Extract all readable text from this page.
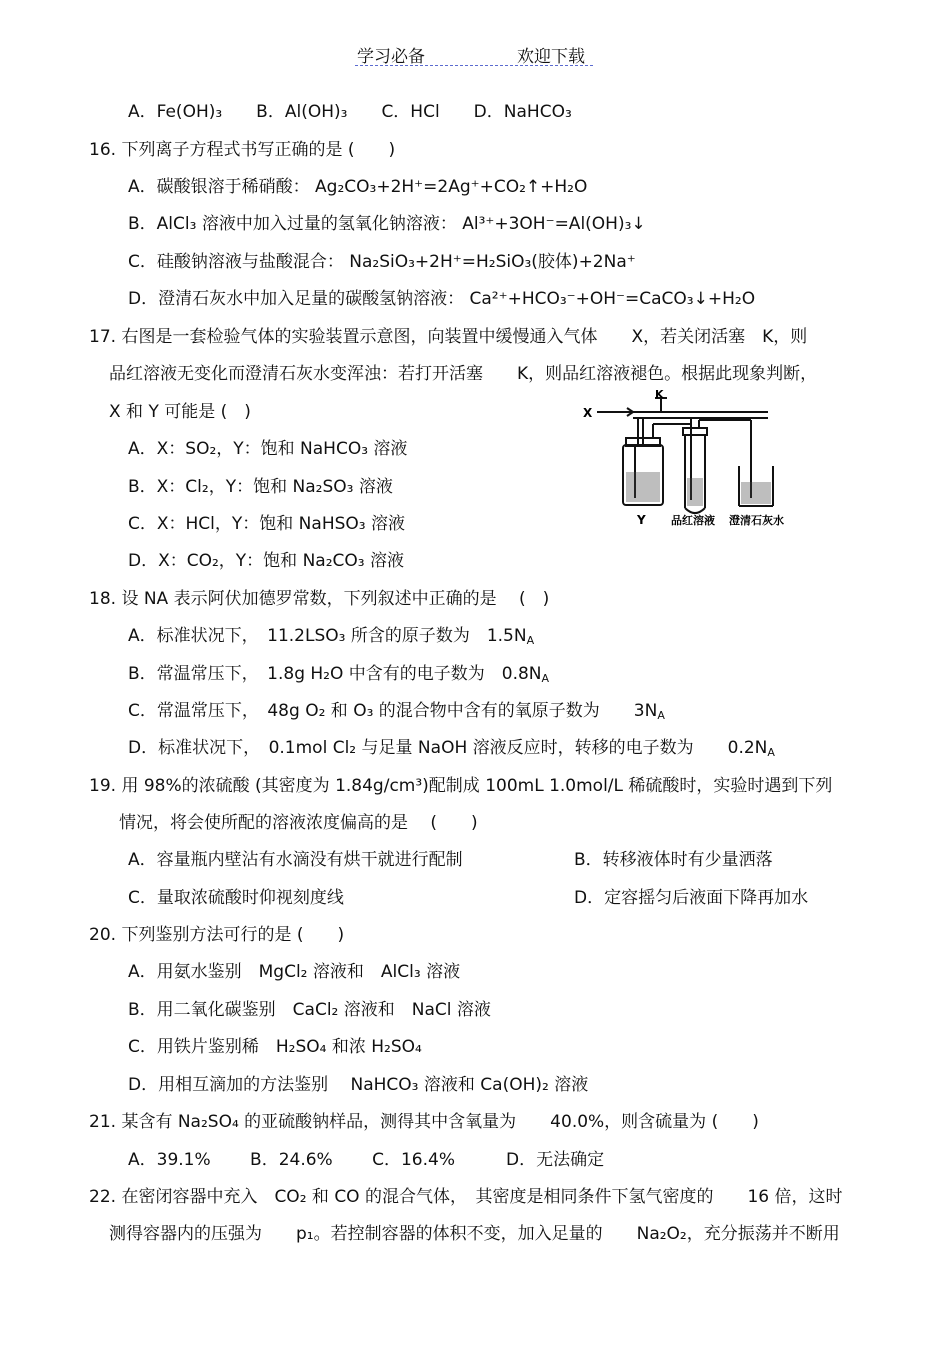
学习必备	欢迎下载
A．Fe(OH)₃　　B．Al(OH)₃　　C．HCl　　D．NaHCO₃
16. 下列离子方程式书写正确的是 (　　)
A．碳酸银溶于稀硝酸： Ag₂CO₃+2H⁺=2Ag⁺+CO₂↑+H₂O
B．AlCl₃ 溶液中加入过量的氢氧化钠溶液： Al³⁺+3OH⁻=Al(OH)₃↓
C．硅酸钠溶液与盐酸混合： Na₂SiO₃+2H⁺=H₂SiO₃(胶体)+2Na⁺
D．澄清石灰水中加入足量的碳酸氢钠溶液： Ca²⁺+HCO₃⁻+OH⁻=CaCO₃↓+H₂O
17. 右图是一套检验气体的实验装置示意图，向装置中缓慢通入气体　　X，若关闭活塞　K，则
品红溶液无变化而澄清石灰水变浑浊：若打开活塞　　K，则品红溶液褪色。根据此现象判断，
X 和 Y 可能是 (　)
A．X：SO₂，Y：饱和 NaHCO₃ 溶液
B．X：Cl₂，Y：饱和 Na₂SO₃ 溶液
C．X：HCl，Y：饱和 NaHSO₃ 溶液
D．X：CO₂，Y：饱和 Na₂CO₃ 溶液
X
K
Y 品红溶液 澄清石灰水
18. 设 NA 表示阿伏加德罗常数，下列叙述中正确的是　 (　)
A．标准状况下，　11.2LSO₃ 所含的原子数为　$1.5N_A$
B．常温常压下，　1.8g H₂O 中含有的电子数为　$0.8N_A$
C．常温常压下，　48g O₂ 和 O₃ 的混合物中含有的氧原子数为　　$3N_A$
D．标准状况下，　0.1mol Cl₂ 与足量 NaOH 溶液反应时，转移的电子数为　　$0.2N_A$
19. 用 98%的浓硫酸 (其密度为 1.84g/cm³)配制成 100mL 1.0mol/L 稀硫酸时，实验时遇到下列
情况，将会使所配的溶液浓度偏高的是　 (　　)
A．容量瓶内壁沾有水滴没有烘干就进行配制	B．转移液体时有少量洒落
C．量取浓硫酸时仰视刻度线	D．定容摇匀后液面下降再加水
20. 下列鉴别方法可行的是 (　　)
A．用氨水鉴别　MgCl₂ 溶液和　AlCl₃ 溶液
B．用二氧化碳鉴别　CaCl₂ 溶液和　NaCl 溶液
C．用铁片鉴别稀　H₂SO₄ 和浓 H₂SO₄
D．用相互滴加的方法鉴别　 NaHCO₃ 溶液和 Ca(OH)₂ 溶液
21. 某含有 Na₂SO₄ 的亚硫酸钠样品，测得其中含氧量为　　40.0%，则含硫量为 (　　)
A．39.1%　　 B．24.6%　　 C．16.4%　　　D．无法确定
22. 在密闭容器中充入　CO₂ 和 CO 的混合气体，　其密度是相同条件下氢气密度的　　16 倍，这时
测得容器内的压强为　　p₁。若控制容器的体积不变，加入足量的　　Na₂O₂，充分振荡并不断用
